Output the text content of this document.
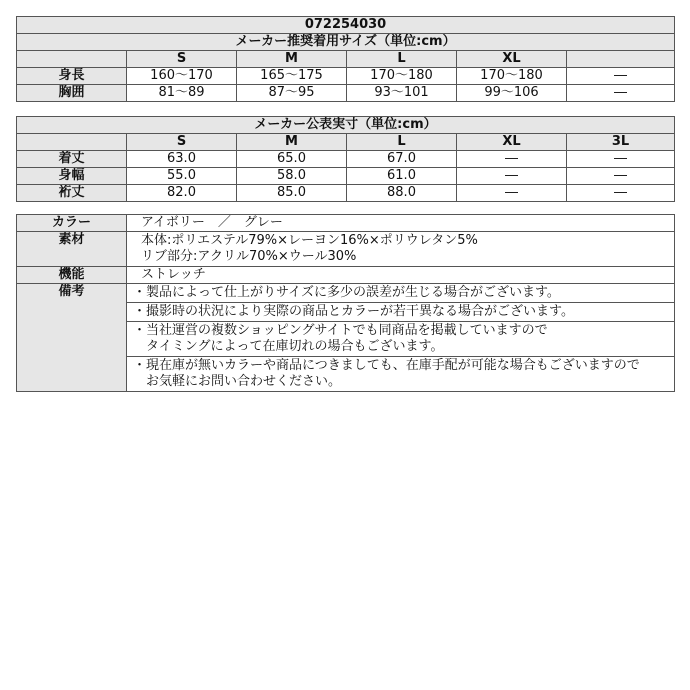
072254030					
メーカー推奨着用サイズ（単位:cm）					
	S	M	L	XL	
身長	160～170	165～175	170～180	170～180	―
胸囲	81～89	87～95	93～101	99～106	―
メーカー公表実寸（単位:cm）					
	S	M	L	XL	3L
着丈	63.0	65.0	67.0	―	―
身幅	55.0	58.0	61.0	―	―
裄丈	82.0	85.0	88.0	―	―
カラー	アイボリー　／　グレー
素材	本体:ポリエステル79%×レーヨン16%×ポリウレタン5%
リブ部分:アクリル70%×ウール30%

機能	ストレッチ
備考	・製品によって仕上がりサイズに多少の誤差が生じる場合がございます。

	・撮影時の状況により実際の商品とカラーが若干異なる場合がございます。

	・当社運営の複数ショッピングサイトでも同商品を掲載していますので
　タイミングによって在庫切れの場合もございます。

	・現在庫が無いカラーや商品につきましても、在庫手配が可能な場合もございますので
　お気軽にお問い合わせください。
